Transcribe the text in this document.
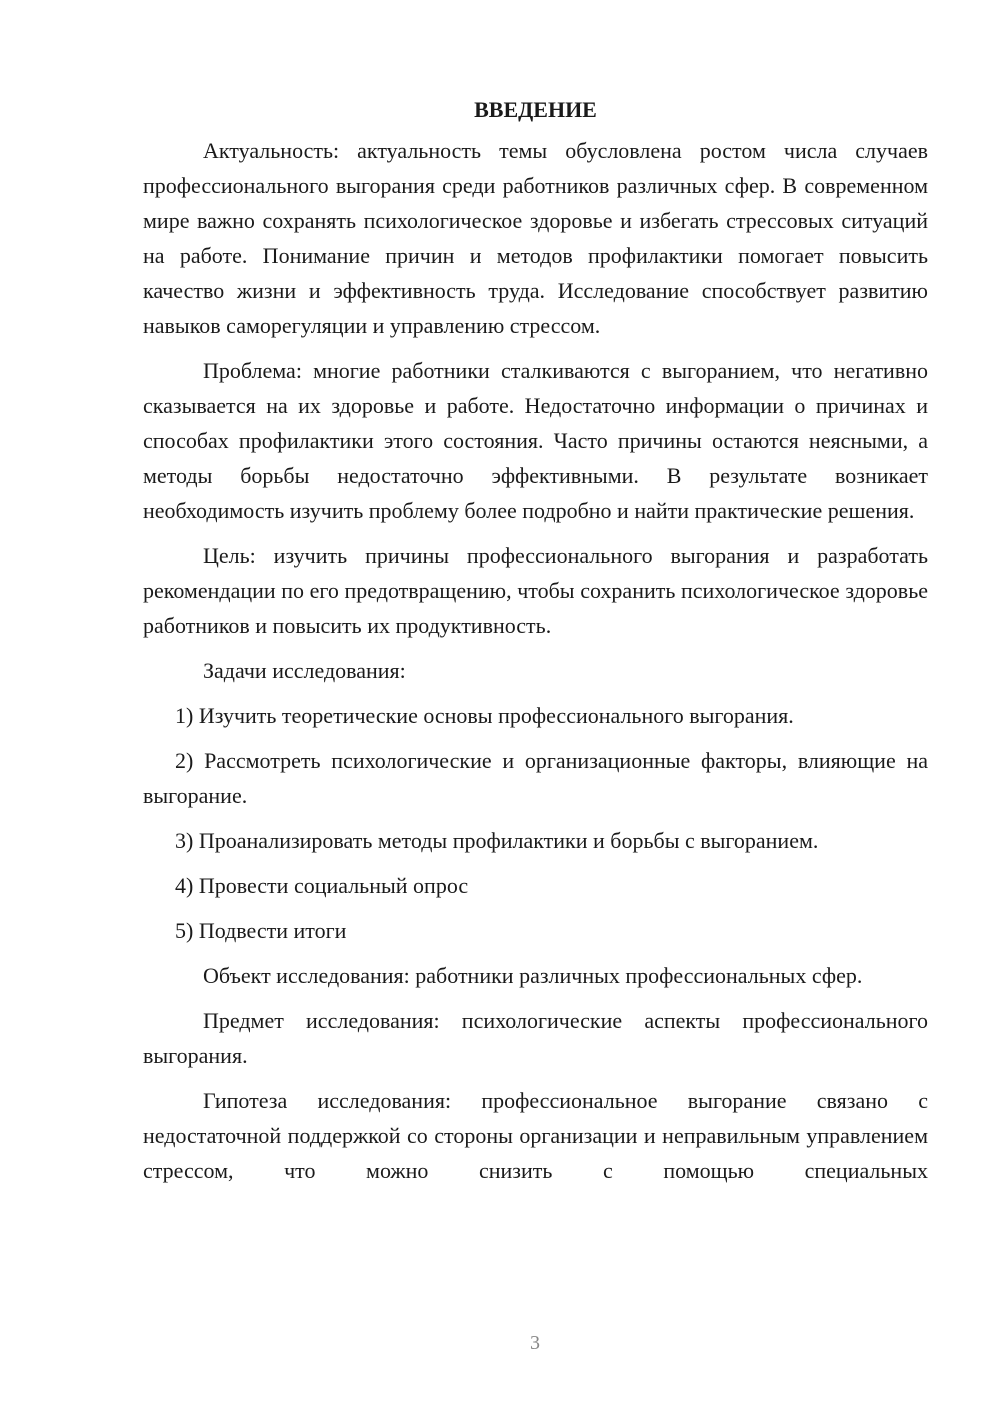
ВВЕДЕНИЕ

Актуальность: актуальность темы обусловлена ростом числа случаев профессионального выгорания среди работников различных сфер. В современном мире важно сохранять психологическое здоровье и избегать стрессовых ситуаций на работе. Понимание причин и методов профилактики помогает повысить качество жизни и эффективность труда. Исследование способствует развитию навыков саморегуляции и управлению стрессом.

Проблема: многие работники сталкиваются с выгоранием, что негативно сказывается на их здоровье и работе. Недостаточно информации о причинах и способах профилактики этого состояния. Часто причины остаются неясными, а методы борьбы недостаточно эффективными. В результате возникает необходимость изучить проблему более подробно и найти практические решения.

Цель: изучить причины профессионального выгорания и разработать рекомендации по его предотвращению, чтобы сохранить психологическое здоровье работников и повысить их продуктивность.

Задачи исследования:

1) Изучить теоретические основы профессионального выгорания.

2) Рассмотреть психологические и организационные факторы, влияющие на выгорание.

3) Проанализировать методы профилактики и борьбы с выгоранием.

4) Провести социальный опрос

5) Подвести итоги

Объект исследования: работники различных профессиональных сфер.

Предмет исследования: психологические аспекты профессионального выгорания.

Гипотеза исследования: профессиональное выгорание связано с недостаточной поддержкой со стороны организации и неправильным управлением стрессом, что можно снизить с помощью специальных

3
